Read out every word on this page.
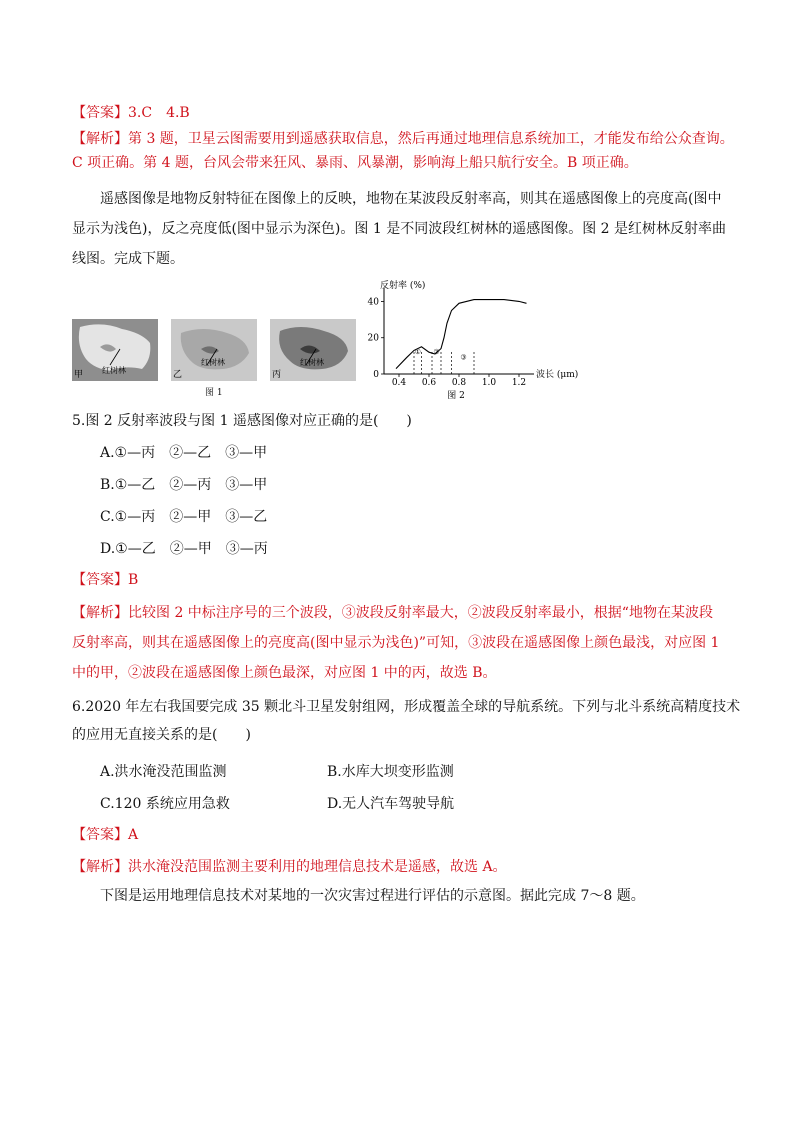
【答案】3.C　4.B
【解析】第 3 题，卫星云图需要用到遥感获取信息，然后再通过地理信息系统加工，才能发布给公众查询。
C 项正确。第 4 题，台风会带来狂风、暴雨、风暴潮，影响海上船只航行安全。B 项正确。
遥感图像是地物反射特征在图像上的反映，地物在某波段反射率高，则其在遥感图像上的亮度高(图中
显示为浅色)，反之亮度低(图中显示为深色)。图 1 是不同波段红树林的遥感图像。图 2 是红树林反射率曲
线图。完成下题。
甲 红树林	乙
红树林
丙
红树林
图 1
0.4 0.6 0.8 1.0 1.2
0
20
40
① ②
③
反射率 (%)
波长 (μm)
图 2
5.图 2 反射率波段与图 1 遥感图像对应正确的是(　　)
A.①—丙　②—乙　③—甲
B.①—乙　②—丙　③—甲
C.①—丙　②—甲　③—乙
D.①—乙　②—甲　③—丙
【答案】B
【解析】比较图 2 中标注序号的三个波段，③波段反射率最大，②波段反射率最小，根据“地物在某波段
反射率高，则其在遥感图像上的亮度高(图中显示为浅色)”可知，③波段在遥感图像上颜色最浅，对应图 1
中的甲，②波段在遥感图像上颜色最深，对应图 1 中的丙，故选 B。
6.2020 年左右我国要完成 35 颗北斗卫星发射组网，形成覆盖全球的导航系统。下列与北斗系统高精度技术
的应用无直接关系的是(　　)
A.洪水淹没范围监测	B.水库大坝变形监测
C.120 系统应用急救	D.无人汽车驾驶导航
【答案】A
【解析】洪水淹没范围监测主要利用的地理信息技术是遥感，故选 A。
下图是运用地理信息技术对某地的一次灾害过程进行评估的示意图。据此完成 7～8 题。
